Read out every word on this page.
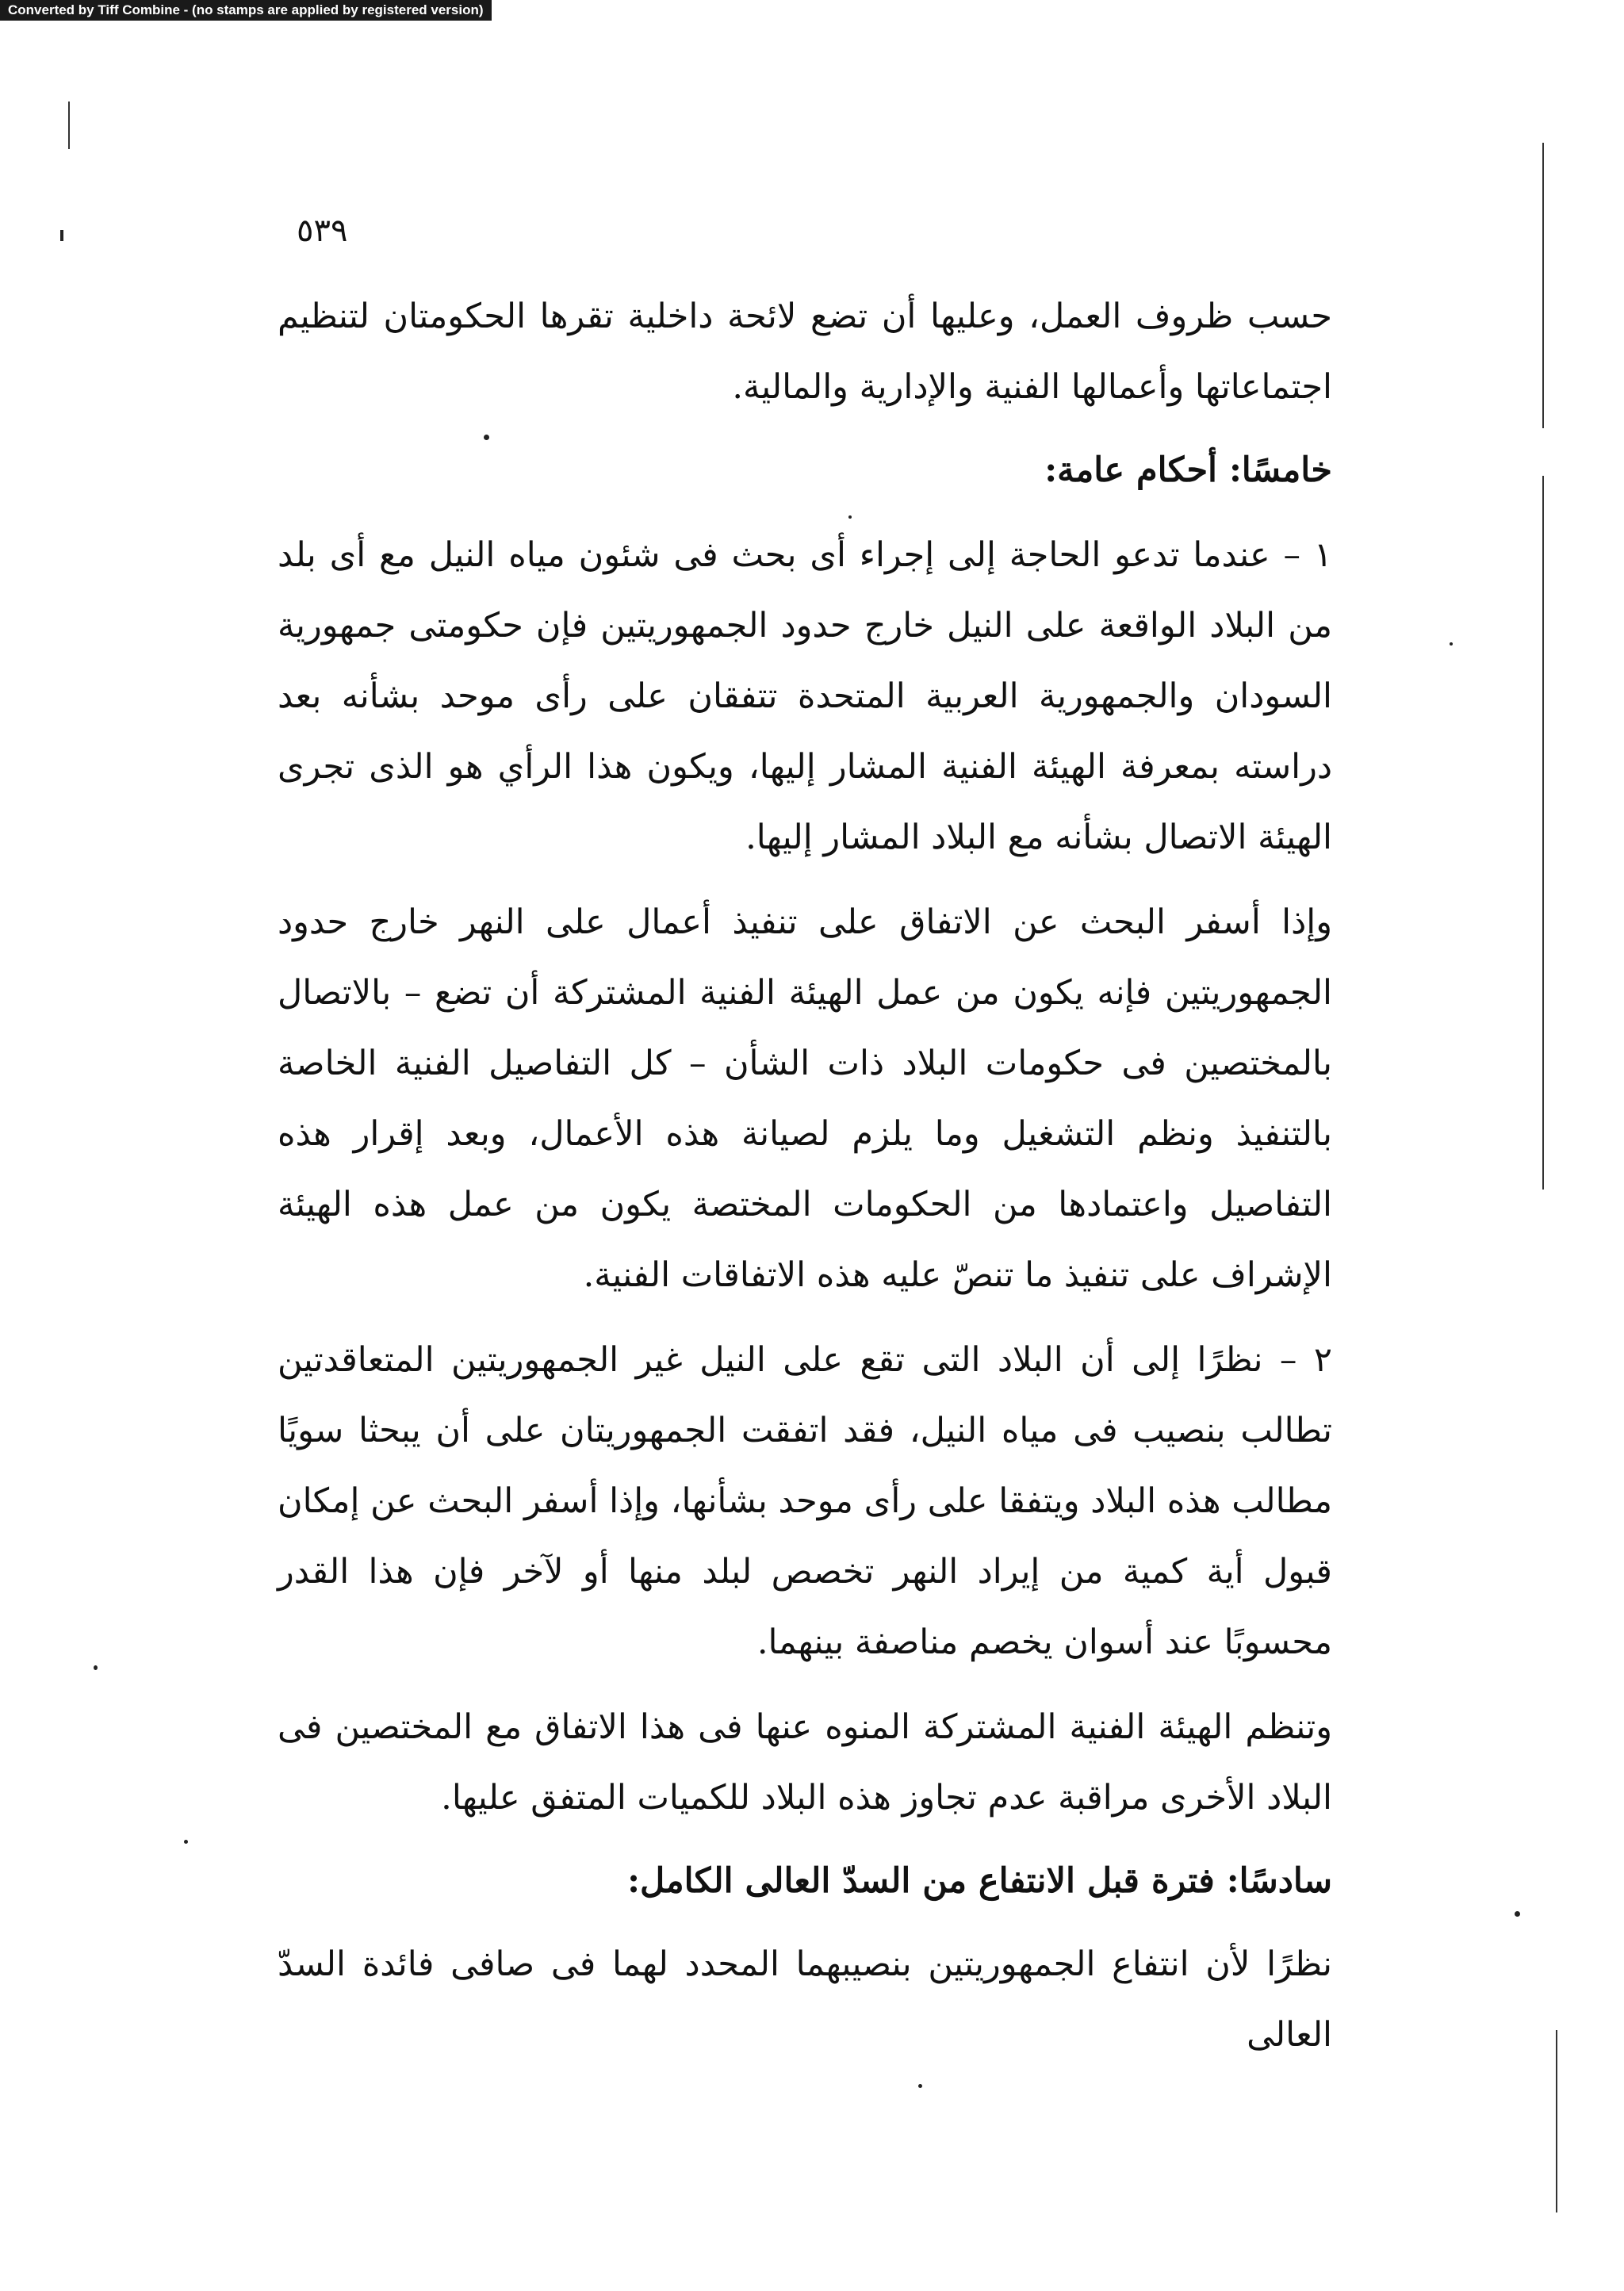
Converted by Tiff Combine - (no stamps are applied by registered version)
٥٣٩

حسب ظروف العمل، وعليها أن تضع لائحة داخلية تقرها الحكومتان لتنظيم اجتماعاتها وأعمالها الفنية والإدارية والمالية.

خامسًا: أحكام عامة:

١ – عندما تدعو الحاجة إلى إجراء أى بحث فى شئون مياه النيل مع أى بلد من البلاد الواقعة على النيل خارج حدود الجمهوريتين فإن حكومتى جمهورية السودان والجمهورية العربية المتحدة تتفقان على رأى موحد بشأنه بعد دراسته بمعرفة الهيئة الفنية المشار إليها، ويكون هذا الرأي هو الذى تجرى الهيئة الاتصال بشأنه مع البلاد المشار إليها.

وإذا أسفر البحث عن الاتفاق على تنفيذ أعمال على النهر خارج حدود الجمهوريتين فإنه يكون من عمل الهيئة الفنية المشتركة أن تضع – بالاتصال بالمختصين فى حكومات البلاد ذات الشأن – كل التفاصيل الفنية الخاصة بالتنفيذ ونظم التشغيل وما يلزم لصيانة هذه الأعمال، وبعد إقرار هذه التفاصيل واعتمادها من الحكومات المختصة يكون من عمل هذه الهيئة الإشراف على تنفيذ ما تنصّ عليه هذه الاتفاقات الفنية.

٢ – نظرًا إلى أن البلاد التى تقع على النيل غير الجمهوريتين المتعاقدتين تطالب بنصيب فى مياه النيل، فقد اتفقت الجمهوريتان على أن يبحثا سويًا مطالب هذه البلاد ويتفقا على رأى موحد بشأنها، وإذا أسفر البحث عن إمكان قبول أية كمية من إيراد النهر تخصص لبلد منها أو لآخر فإن هذا القدر محسوبًا عند أسوان يخصم مناصفة بينهما.

وتنظم الهيئة الفنية المشتركة المنوه عنها فى هذا الاتفاق مع المختصين فى البلاد الأخرى مراقبة عدم تجاوز هذه البلاد للكميات المتفق عليها.

سادسًا: فترة قبل الانتفاع من السدّ العالى الكامل:

نظرًا لأن انتفاع الجمهوريتين بنصيبهما المحدد لهما فى صافى فائدة السدّ العالى
